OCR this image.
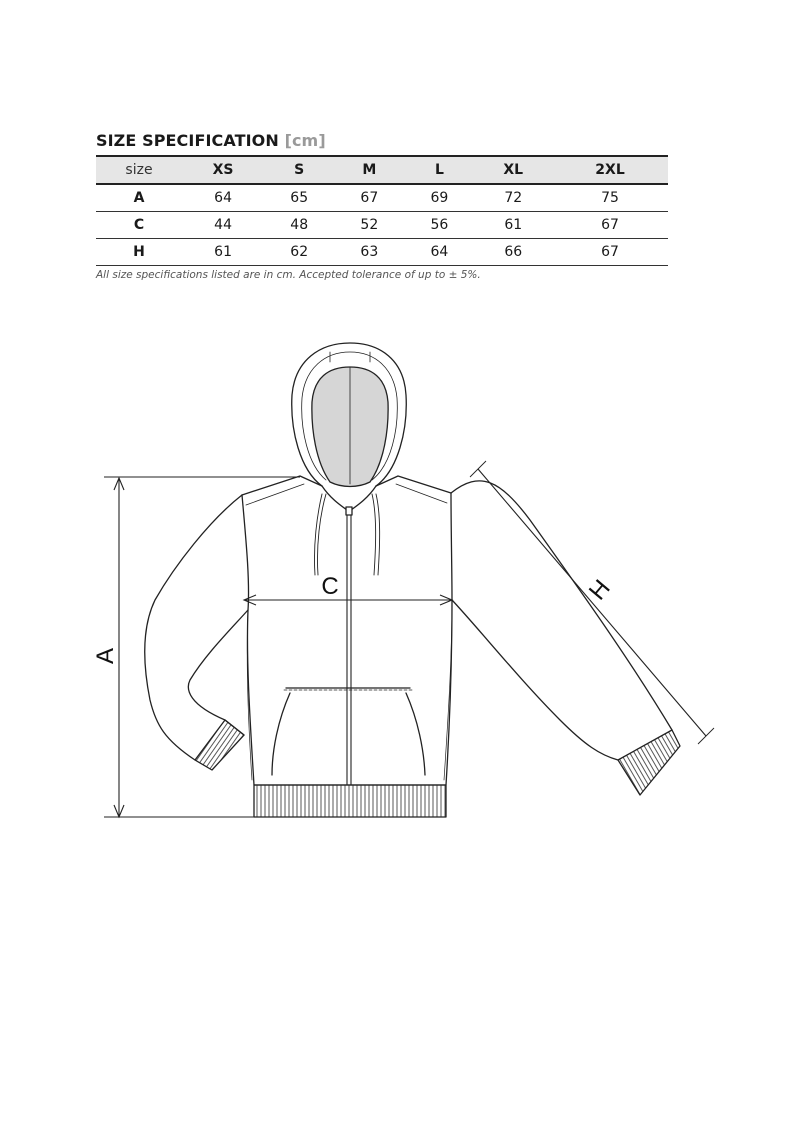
SIZE SPECIFICATION [cm]
size	XS	S	M	L	XL	2XL
A	64	65	67	69	72	75
C	44	48	52	56	61	67
H	61	62	63	64	66	67
All size specifications listed are in cm. Accepted tolerance of up to ± 5%.
A
C	H
